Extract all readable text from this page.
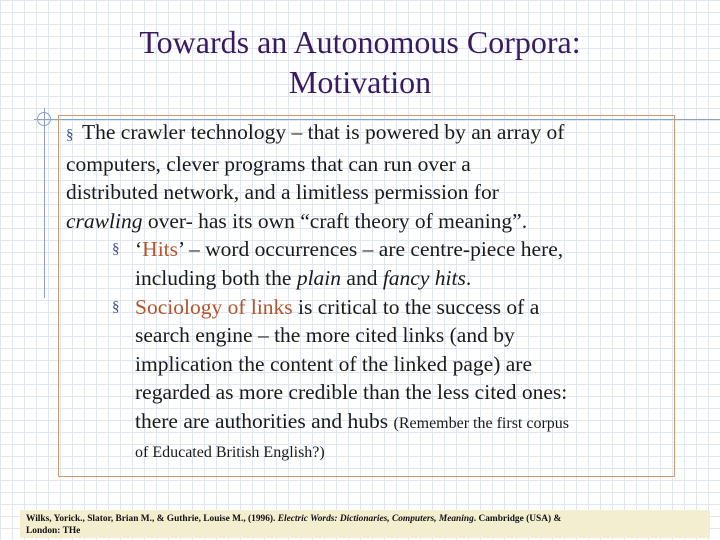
Towards an Autonomous Corpora:
Motivation
§ The crawler technology – that is powered by an array of
computers, clever programs that can run over a
distributed network, and a limitless permission for
crawling over- has its own “craft theory of meaning”.
§ ‘Hits’ – word occurrences – are centre-piece here,
including both the plain and fancy hits.
§ Sociology of links is critical to the success of a
search engine – the more cited links (and by
implication the content of the linked page) are
regarded as more credible than the less cited ones:
there are authorities and hubs (Remember the first corpus
of Educated British English?)
Wilks, Yorick., Slator, Brian M., & Guthrie, Louise M., (1996). Electric Words: Dictionaries, Computers, Meaning. Cambridge (USA) &
London: THe
